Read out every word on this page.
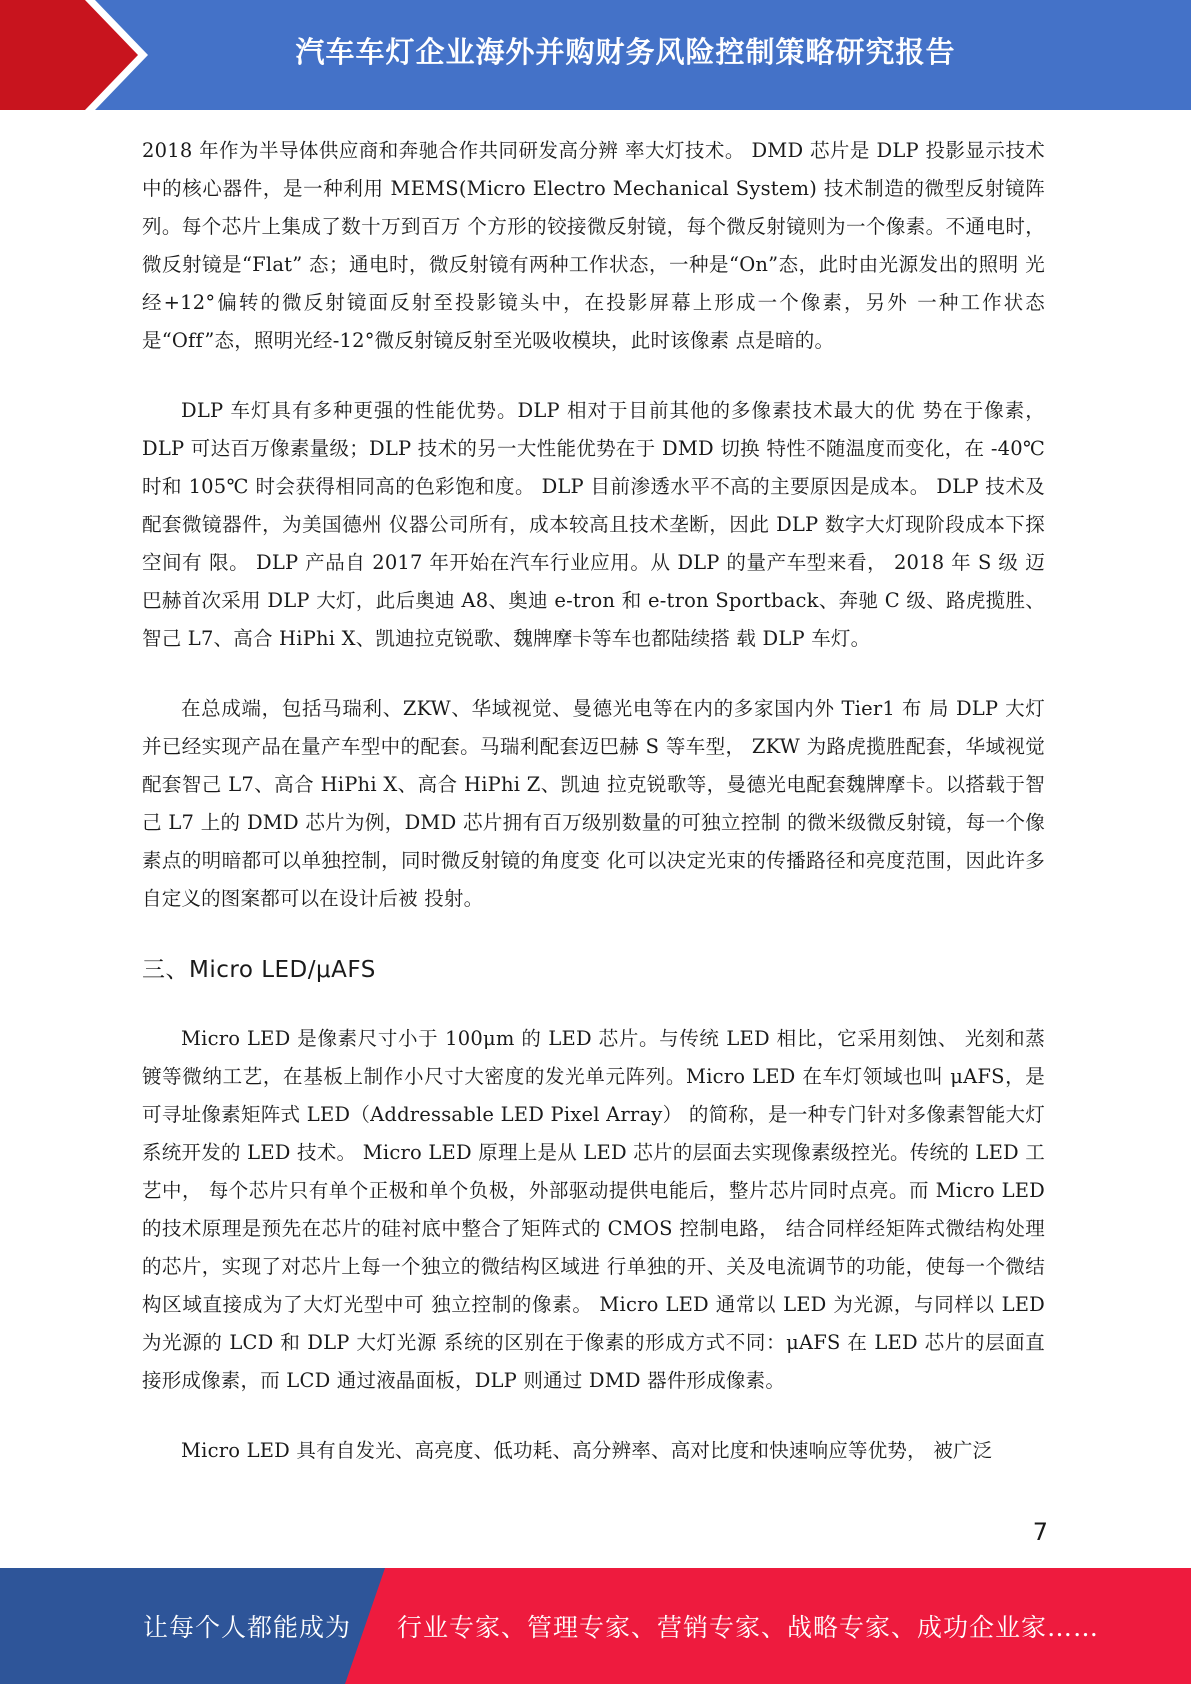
汽车车灯企业海外并购财务风险控制策略研究报告

2018 年作为半导体供应商和奔驰合作共同研发高分辨 率大灯技术。 DMD 芯片是 DLP 投影显示技术中的核心器件，是一种利用 MEMS(Micro Electro Mechanical System) 技术制造的微型反射镜阵列。每个芯片上集成了数十万到百万 个方形的铰接微反射镜，每个微反射镜则为一个像素。不通电时，微反射镜是“Flat” 态；通电时，微反射镜有两种工作状态，一种是“On”态，此时由光源发出的照明 光经+12°偏转的微反射镜面反射至投影镜头中，在投影屏幕上形成一个像素，另外 一种工作状态是“Off”态，照明光经-12°微反射镜反射至光吸收模块，此时该像素 点是暗的。

DLP 车灯具有多种更强的性能优势。DLP 相对于目前其他的多像素技术最大的优 势在于像素，DLP 可达百万像素量级；DLP 技术的另一大性能优势在于 DMD 切换 特性不随温度而变化，在 -40℃ 时和 105℃ 时会获得相同高的色彩饱和度。 DLP 目前渗透水平不高的主要原因是成本。 DLP 技术及配套微镜器件，为美国德州 仪器公司所有，成本较高且技术垄断，因此 DLP 数字大灯现阶段成本下探空间有 限。 DLP 产品自 2017 年开始在汽车行业应用。从 DLP 的量产车型来看， 2018 年 S 级 迈巴赫首次采用 DLP 大灯，此后奥迪 A8、奥迪 e-tron 和 e-tron Sportback、奔驰 C 级、路虎揽胜、智己 L7、高合 HiPhi X、凯迪拉克锐歌、魏牌摩卡等车也都陆续搭 载 DLP 车灯。

在总成端，包括马瑞利、ZKW、华域视觉、曼德光电等在内的多家国内外 Tier1 布 局 DLP 大灯并已经实现产品在量产车型中的配套。马瑞利配套迈巴赫 S 等车型， ZKW 为路虎揽胜配套，华域视觉配套智己 L7、高合 HiPhi X、高合 HiPhi Z、凯迪 拉克锐歌等，曼德光电配套魏牌摩卡。以搭载于智己 L7 上的 DMD 芯片为例，DMD 芯片拥有百万级别数量的可独立控制 的微米级微反射镜，每一个像素点的明暗都可以单独控制，同时微反射镜的角度变 化可以决定光束的传播路径和亮度范围，因此许多自定义的图案都可以在设计后被 投射。

三、Micro LED/μAFS

Micro LED 是像素尺寸小于 100μm 的 LED 芯片。与传统 LED 相比，它采用刻蚀、 光刻和蒸镀等微纳工艺，在基板上制作小尺寸大密度的发光单元阵列。Micro LED 在车灯领域也叫 μAFS，是可寻址像素矩阵式 LED（Addressable LED Pixel Array） 的简称，是一种专门针对多像素智能大灯系统开发的 LED 技术。 Micro LED 原理上是从 LED 芯片的层面去实现像素级控光。传统的 LED 工艺中， 每个芯片只有单个正极和单个负极，外部驱动提供电能后，整片芯片同时点亮。而 Micro LED 的技术原理是预先在芯片的硅衬底中整合了矩阵式的 CMOS 控制电路， 结合同样经矩阵式微结构处理的芯片，实现了对芯片上每一个独立的微结构区域进 行单独的开、关及电流调节的功能，使每一个微结构区域直接成为了大灯光型中可 独立控制的像素。 Micro LED 通常以 LED 为光源，与同样以 LED 为光源的 LCD 和 DLP 大灯光源 系统的区别在于像素的形成方式不同：μAFS 在 LED 芯片的层面直接形成像素，而 LCD 通过液晶面板，DLP 则通过 DMD 器件形成像素。

Micro LED 具有自发光、高亮度、低功耗、高分辨率、高对比度和快速响应等优势， 被广泛

7
让每个人都能成为 行业专家、管理专家、营销专家、战略专家、成功企业家……
